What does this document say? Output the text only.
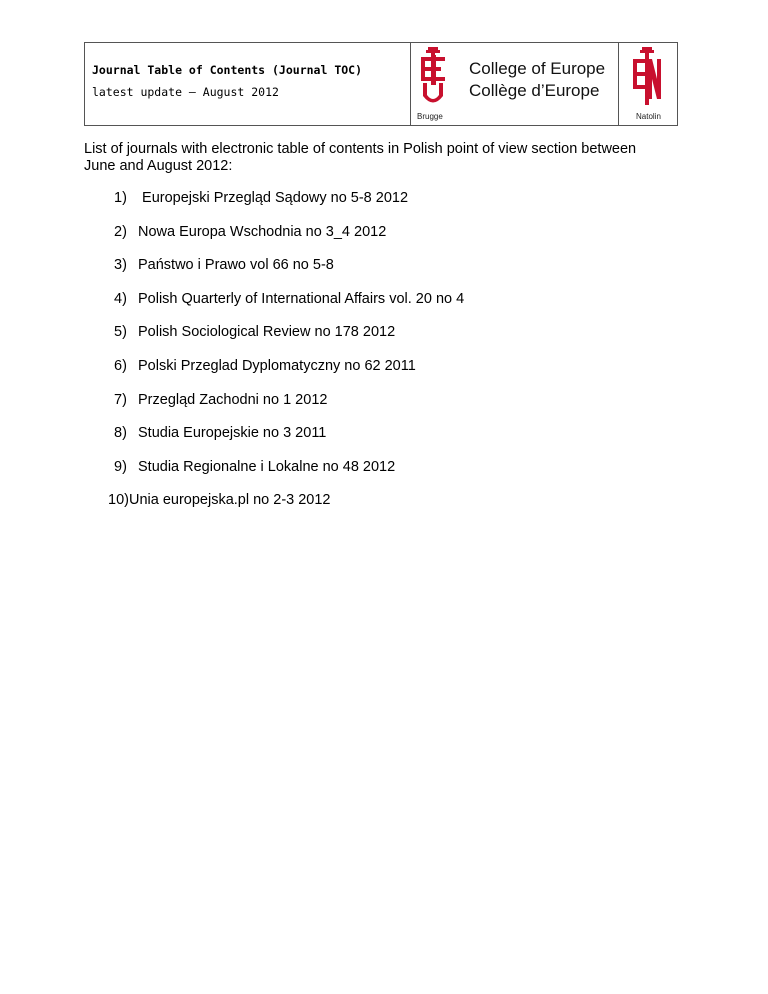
Journal Table of Contents (Journal TOC)
latest update – August 2012
College of Europe
Collège d’Europe
Brugge	Natolin
List of journals with electronic table of contents in Polish point of view section between June and August 2012:
1) Europejski Przegląd Sądowy no 5-8 2012
2) Nowa Europa Wschodnia no 3_4 2012
3) Państwo i Prawo vol 66 no 5-8
4) Polish Quarterly of International Affairs vol. 20 no 4
5) Polish Sociological Review no 178 2012
6) Polski Przeglad Dyplomatyczny no 62 2011
7) Przegląd Zachodni no 1 2012
8) Studia Europejskie no 3 2011
9) Studia Regionalne i Lokalne no 48 2012
10)Unia europejska.pl no 2-3 2012
